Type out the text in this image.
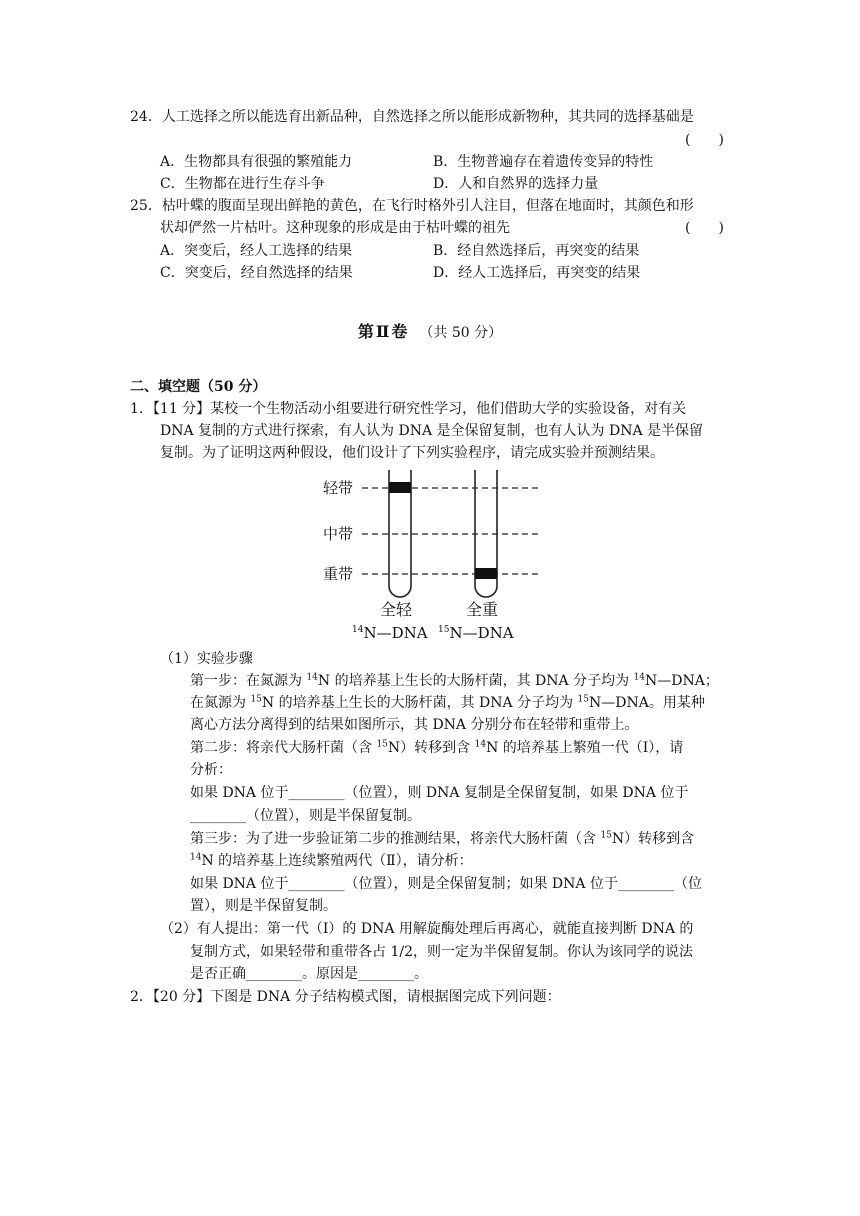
24．人工选择之所以能选育出新品种，自然选择之所以能形成新物种，其共同的选择基础是
(　　)
A．生物都具有很强的繁殖能力	B．生物普遍存在着遗传变异的特性
C．生物都在进行生存斗争	D．人和自然界的选择力量
25．枯叶蝶的腹面呈现出鲜艳的黄色，在飞行时格外引人注目，但落在地面时，其颜色和形
状却俨然一片枯叶。这种现象的形成是由于枯叶蝶的祖先	(　　)
A．突变后，经人工选择的结果	B．经自然选择后，再突变的结果
C．突变后，经自然选择的结果	D．经人工选择后，再突变的结果
第Ⅱ卷 （共 50 分）
二、填空题（50 分）
1．【11 分】某校一个生物活动小组要进行研究性学习，他们借助大学的实验设备，对有关
DNA 复制的方式进行探索，有人认为 DNA 是全保留复制，也有人认为 DNA 是半保留
复制。为了证明这两种假设，他们设计了下列实验程序，请完成实验并预测结果。
轻带
中带
重带
全轻	全重
$^{14}$N—DNA $^{15}$N—DNA
（1）实验步骤
第一步：在氮源为 $^{14}$N 的培养基上生长的大肠杆菌，其 DNA 分子均为 $^{14}$N—DNA；
在氮源为 $^{15}$N 的培养基上生长的大肠杆菌，其 DNA 分子均为 $^{15}$N—DNA。用某种
离心方法分离得到的结果如图所示，其 DNA 分别分布在轻带和重带上。
第二步：将亲代大肠杆菌（含 $^{15}$N）转移到含 $^{14}$N 的培养基上繁殖一代（Ⅰ），请
分析：
如果 DNA 位于________（位置），则 DNA 复制是全保留复制，如果 DNA 位于
________（位置），则是半保留复制。
第三步：为了进一步验证第二步的推测结果，将亲代大肠杆菌（含 $^{15}$N）转移到含
$^{14}$N 的培养基上连续繁殖两代（Ⅱ），请分析：
如果 DNA 位于________（位置），则是全保留复制；如果 DNA 位于________（位
置），则是半保留复制。
（2）有人提出：第一代（Ⅰ）的 DNA 用解旋酶处理后再离心，就能直接判断 DNA 的
复制方式，如果轻带和重带各占 1/2，则一定为半保留复制。你认为该同学的说法
是否正确________。原因是________。
2．【20 分】下图是 DNA 分子结构模式图，请根据图完成下列问题：
